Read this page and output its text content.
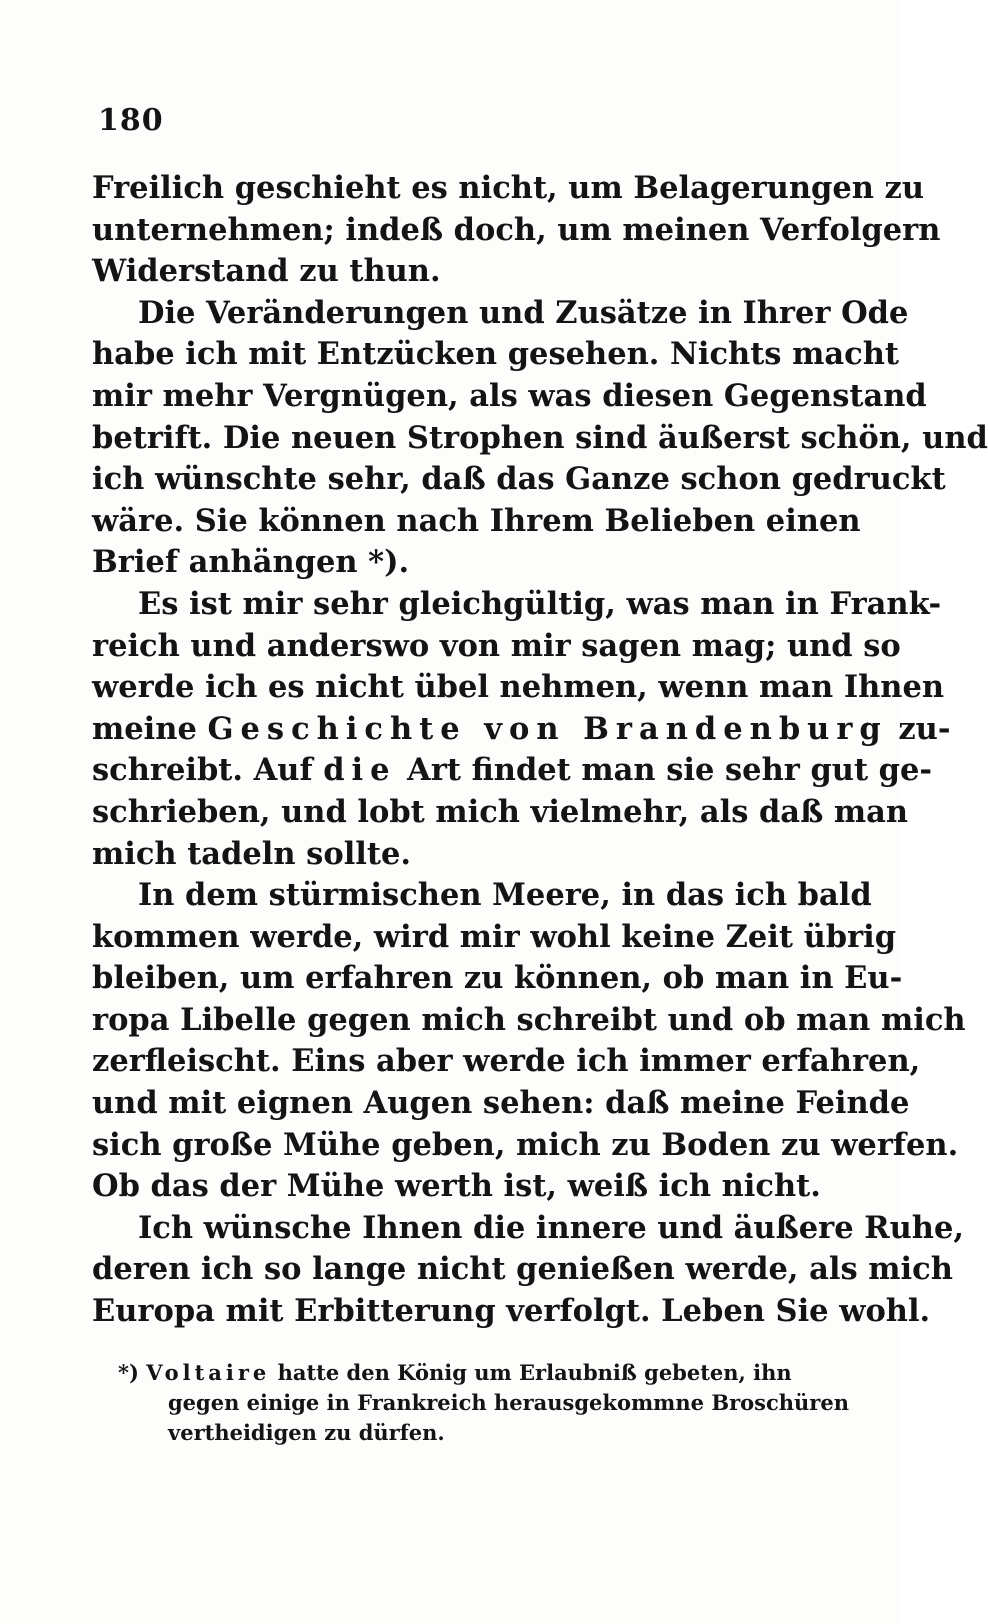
180

Freilich geschieht es nicht, um Belagerungen zu
unternehmen; indeß doch, um meinen Verfolgern
Widerstand zu thun.

Die Veränderungen und Zusätze in Ihrer Ode
habe ich mit Entzücken gesehen. Nichts macht
mir mehr Vergnügen, als was diesen Gegenstand
betrift. Die neuen Strophen sind äußerst schön, und
ich wünschte sehr, daß das Ganze schon gedruckt
wäre. Sie können nach Ihrem Belieben einen
Brief anhängen *).

Es ist mir sehr gleichgültig, was man in Frank-
reich und anderswo von mir sagen mag; und so
werde ich es nicht übel nehmen, wenn man Ihnen
meine Geschichte von Brandenburg zu-
schreibt. Auf die Art findet man sie sehr gut ge-
schrieben, und lobt mich vielmehr, als daß man
mich tadeln sollte.

In dem stürmischen Meere, in das ich bald
kommen werde, wird mir wohl keine Zeit übrig
bleiben, um erfahren zu können, ob man in Eu-
ropa Libelle gegen mich schreibt und ob man mich
zerfleischt. Eins aber werde ich immer erfahren,
und mit eignen Augen sehen: daß meine Feinde
sich große Mühe geben, mich zu Boden zu werfen.
Ob das der Mühe werth ist, weiß ich nicht.

Ich wünsche Ihnen die innere und äußere Ruhe,
deren ich so lange nicht genießen werde, als mich
Europa mit Erbitterung verfolgt. Leben Sie wohl.

*) Voltaire hatte den König um Erlaubniß gebeten, ihn
gegen einige in Frankreich herausgekommne Broschüren
vertheidigen zu dürfen.
